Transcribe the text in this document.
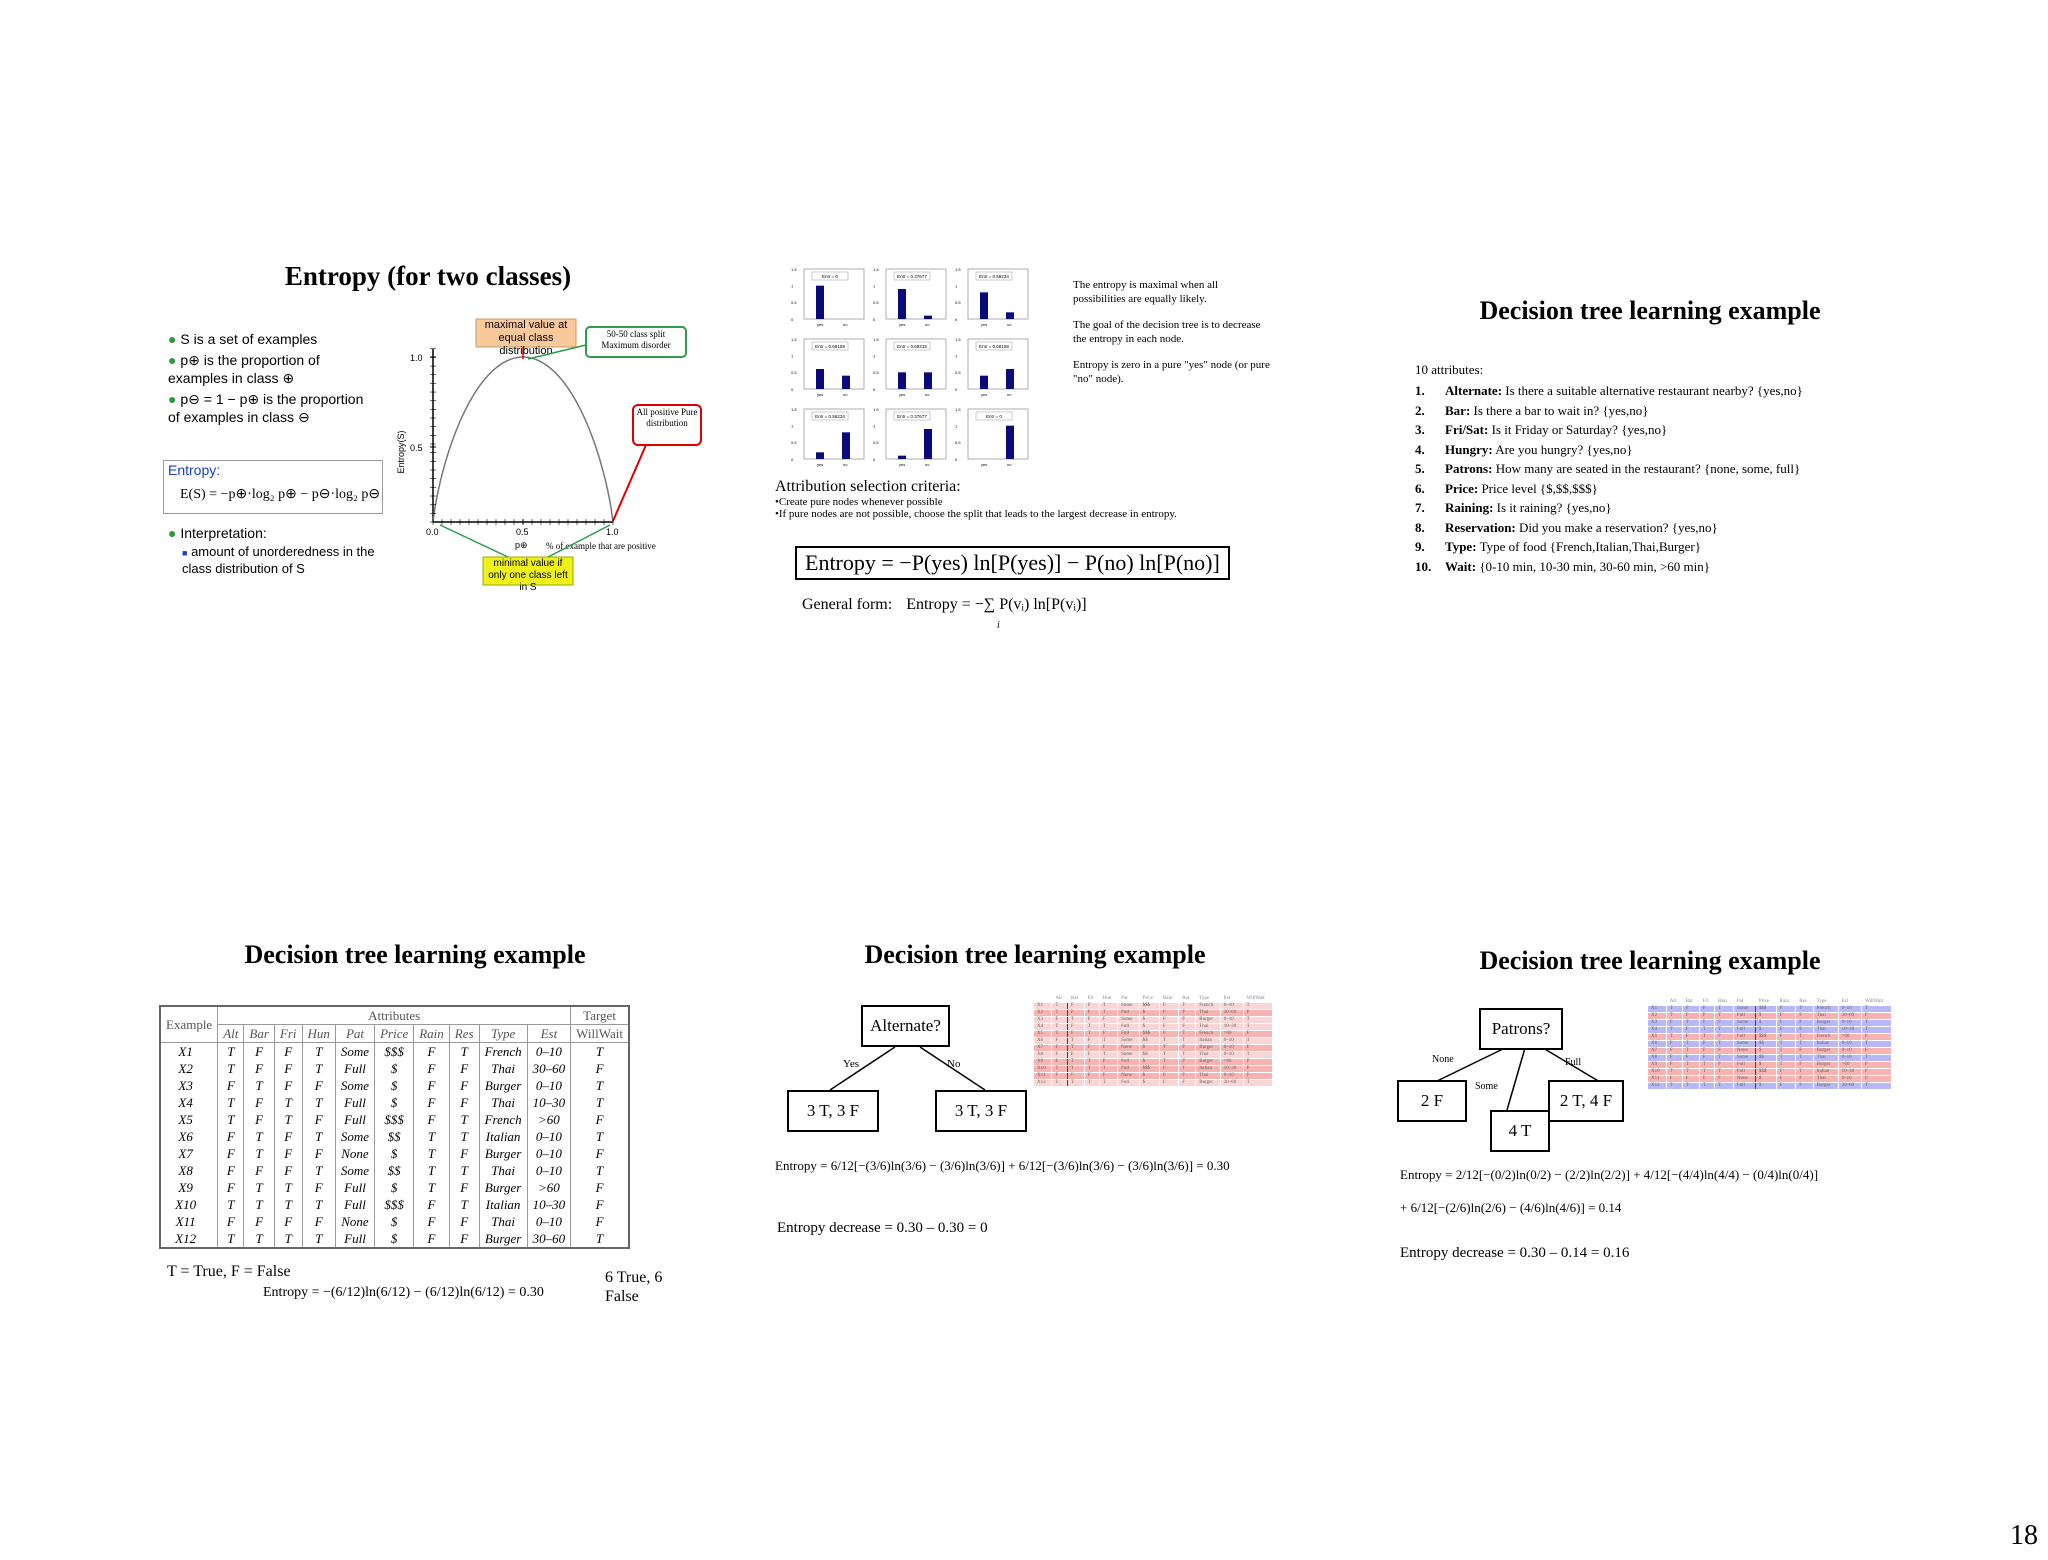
Entropy (for two classes)
● S is a set of examples
● p⊕ is the proportion of examples in class ⊕
● p⊖ = 1 − p⊕ is the proportion of examples in class ⊖
Entropy:
E(S) = −p⊕·log₂ p⊕ − p⊖·log₂ p⊖
● Interpretation:
■ amount of unorderedness in the class distribution of S
1.0
0.5
0.0	0.5	1.0
Entropy(S)
p⊕ % of example that are positive
maximal value at equal class distribution
50-50 class split Maximum disorder
All positive Pure distribution
minimal value if only one class left in S
Entr = 0
1.5
1
0.5
0
yes	no
Entr = 0.37677
1.5
1
0.5
0
yes	no
Entr = 0.56234
1.5
1
0.5
0
yes	no
Entr = 0.68158
1.5
1
0.5
0
yes	no
Entr = 0.69315
1.5
1
0.5
0
yes	no
Entr = 0.68158
1.5
1
0.5
0
yes	no
Entr = 0.56234
1.5
1
0.5
0
yes	no
Entr = 0.37677
1.5
1
0.5
0
yes	no
Entr = 0
1.5
1
0.5
0
yes	no
The entropy is maximal when all possibilities are equally likely.
The goal of the decision tree is to decrease the entropy in each node.
Entropy is zero in a pure "yes" node (or pure "no" node).
Attribution selection criteria:
•Create pure nodes whenever possible
•If pure nodes are not possible, choose the split that leads to the largest decrease in entropy.
Entropy = −P(yes) ln[P(yes)] − P(no) ln[P(no)]
General form: Entropy = −∑ P(vᵢ) ln[P(vᵢ)]
i
Decision tree learning example
10 attributes:
1.	Alternate: Is there a suitable alternative restaurant nearby? {yes,no}
2.	Bar: Is there a bar to wait in? {yes,no}
3.	Fri/Sat: Is it Friday or Saturday? {yes,no}
4.	Hungry: Are you hungry? {yes,no}
5.	Patrons: How many are seated in the restaurant? {none, some, full}
6.	Price: Price level {$,$$,$$$}
7.	Raining: Is it raining? {yes,no}
8.	Reservation: Did you make a reservation? {yes,no}
9.	Type: Type of food {French,Italian,Thai,Burger}
10.	Wait: {0-10 min, 10-30 min, 30-60 min, >60 min}
Decision tree learning example
Example	Attributes										Target
	Alt	Bar	Fri	Hun	Pat	Price	Rain	Res	Type	Est	WillWait
X1	T	F	F	T	Some	$$$	F	T	French	0–10	T
X2	T	F	F	T	Full	$	F	F	Thai	30–60	F
X3	F	T	F	F	Some	$	F	F	Burger	0–10	T
X4	T	F	T	T	Full	$	F	F	Thai	10–30	T
X5	T	F	T	F	Full	$$$	F	T	French	>60	F
X6	F	T	F	T	Some	$$	T	T	Italian	0–10	T
X7	F	T	F	F	None	$	T	F	Burger	0–10	F
X8	F	F	F	T	Some	$$	T	T	Thai	0–10	T
X9	F	T	T	F	Full	$	T	F	Burger	>60	F
X10	T	T	T	T	Full	$$$	F	T	Italian	10–30	F
X11	F	F	F	F	None	$	F	F	Thai	0–10	F
X12	T	T	T	T	Full	$	F	F	Burger	30–60	T
T = True, F = False
Entropy = −(6/12)ln(6/12) − (6/12)ln(6/12) = 0.30
6 True, 6 False
Decision tree learning example
Alternate?
Yes	No
3 T, 3 F	3 T, 3 F
	Alt	Bar	Fri	Hun	Pat	Price	Rain	Res	Type	Est	WillWait
X1	T	F	F	T	Some	$$$	F	T	French	0–10	T
X2	T	F	F	T	Full	$	F	F	Thai	30–60	F
X3	F	T	F	F	Some	$	F	F	Burger	0–10	T
X4	T	F	T	T	Full	$	F	F	Thai	10–30	T
X5	T	F	T	F	Full	$$$	F	T	French	>60	F
X6	F	T	F	T	Some	$$	T	T	Italian	0–10	T
X7	F	T	F	F	None	$	T	F	Burger	0–10	F
X8	F	F	F	T	Some	$$	T	T	Thai	0–10	T
X9	F	T	T	F	Full	$	T	F	Burger	>60	F
X10	T	T	T	T	Full	$$$	F	T	Italian	10–30	F
X11	F	F	F	F	None	$	F	F	Thai	0–10	F
X12	T	T	T	T	Full	$	F	F	Burger	30–60	T
Entropy = 6/12[−(3/6)ln(3/6) − (3/6)ln(3/6)] + 6/12[−(3/6)ln(3/6) − (3/6)ln(3/6)] = 0.30
Entropy decrease = 0.30 – 0.30 = 0
Decision tree learning example
Patrons?
None
Some
Full
2 F
4 T
2 T, 4 F
	Alt	Bar	Fri	Hun	Pat	Price	Rain	Res	Type	Est	WillWait
X1	T	F	F	T	Some	$$$	F	T	French	0–10	T
X2	T	F	F	T	Full	$	F	F	Thai	30–60	F
X3	F	T	F	F	Some	$	F	F	Burger	0–10	T
X4	T	F	T	T	Full	$	F	F	Thai	10–30	T
X5	T	F	T	F	Full	$$$	F	T	French	>60	F
X6	F	T	F	T	Some	$$	T	T	Italian	0–10	T
X7	F	T	F	F	None	$	T	F	Burger	0–10	F
X8	F	F	F	T	Some	$$	T	T	Thai	0–10	T
X9	F	T	T	F	Full	$	T	F	Burger	>60	F
X10	T	T	T	T	Full	$$$	F	T	Italian	10–30	F
X11	F	F	F	F	None	$	F	F	Thai	0–10	F
X12	T	T	T	T	Full	$	F	F	Burger	30–60	T
Entropy = 2/12[−(0/2)ln(0/2) − (2/2)ln(2/2)] + 4/12[−(4/4)ln(4/4) − (0/4)ln(0/4)]
+ 6/12[−(2/6)ln(2/6) − (4/6)ln(4/6)] = 0.14
Entropy decrease = 0.30 – 0.14 = 0.16
18
